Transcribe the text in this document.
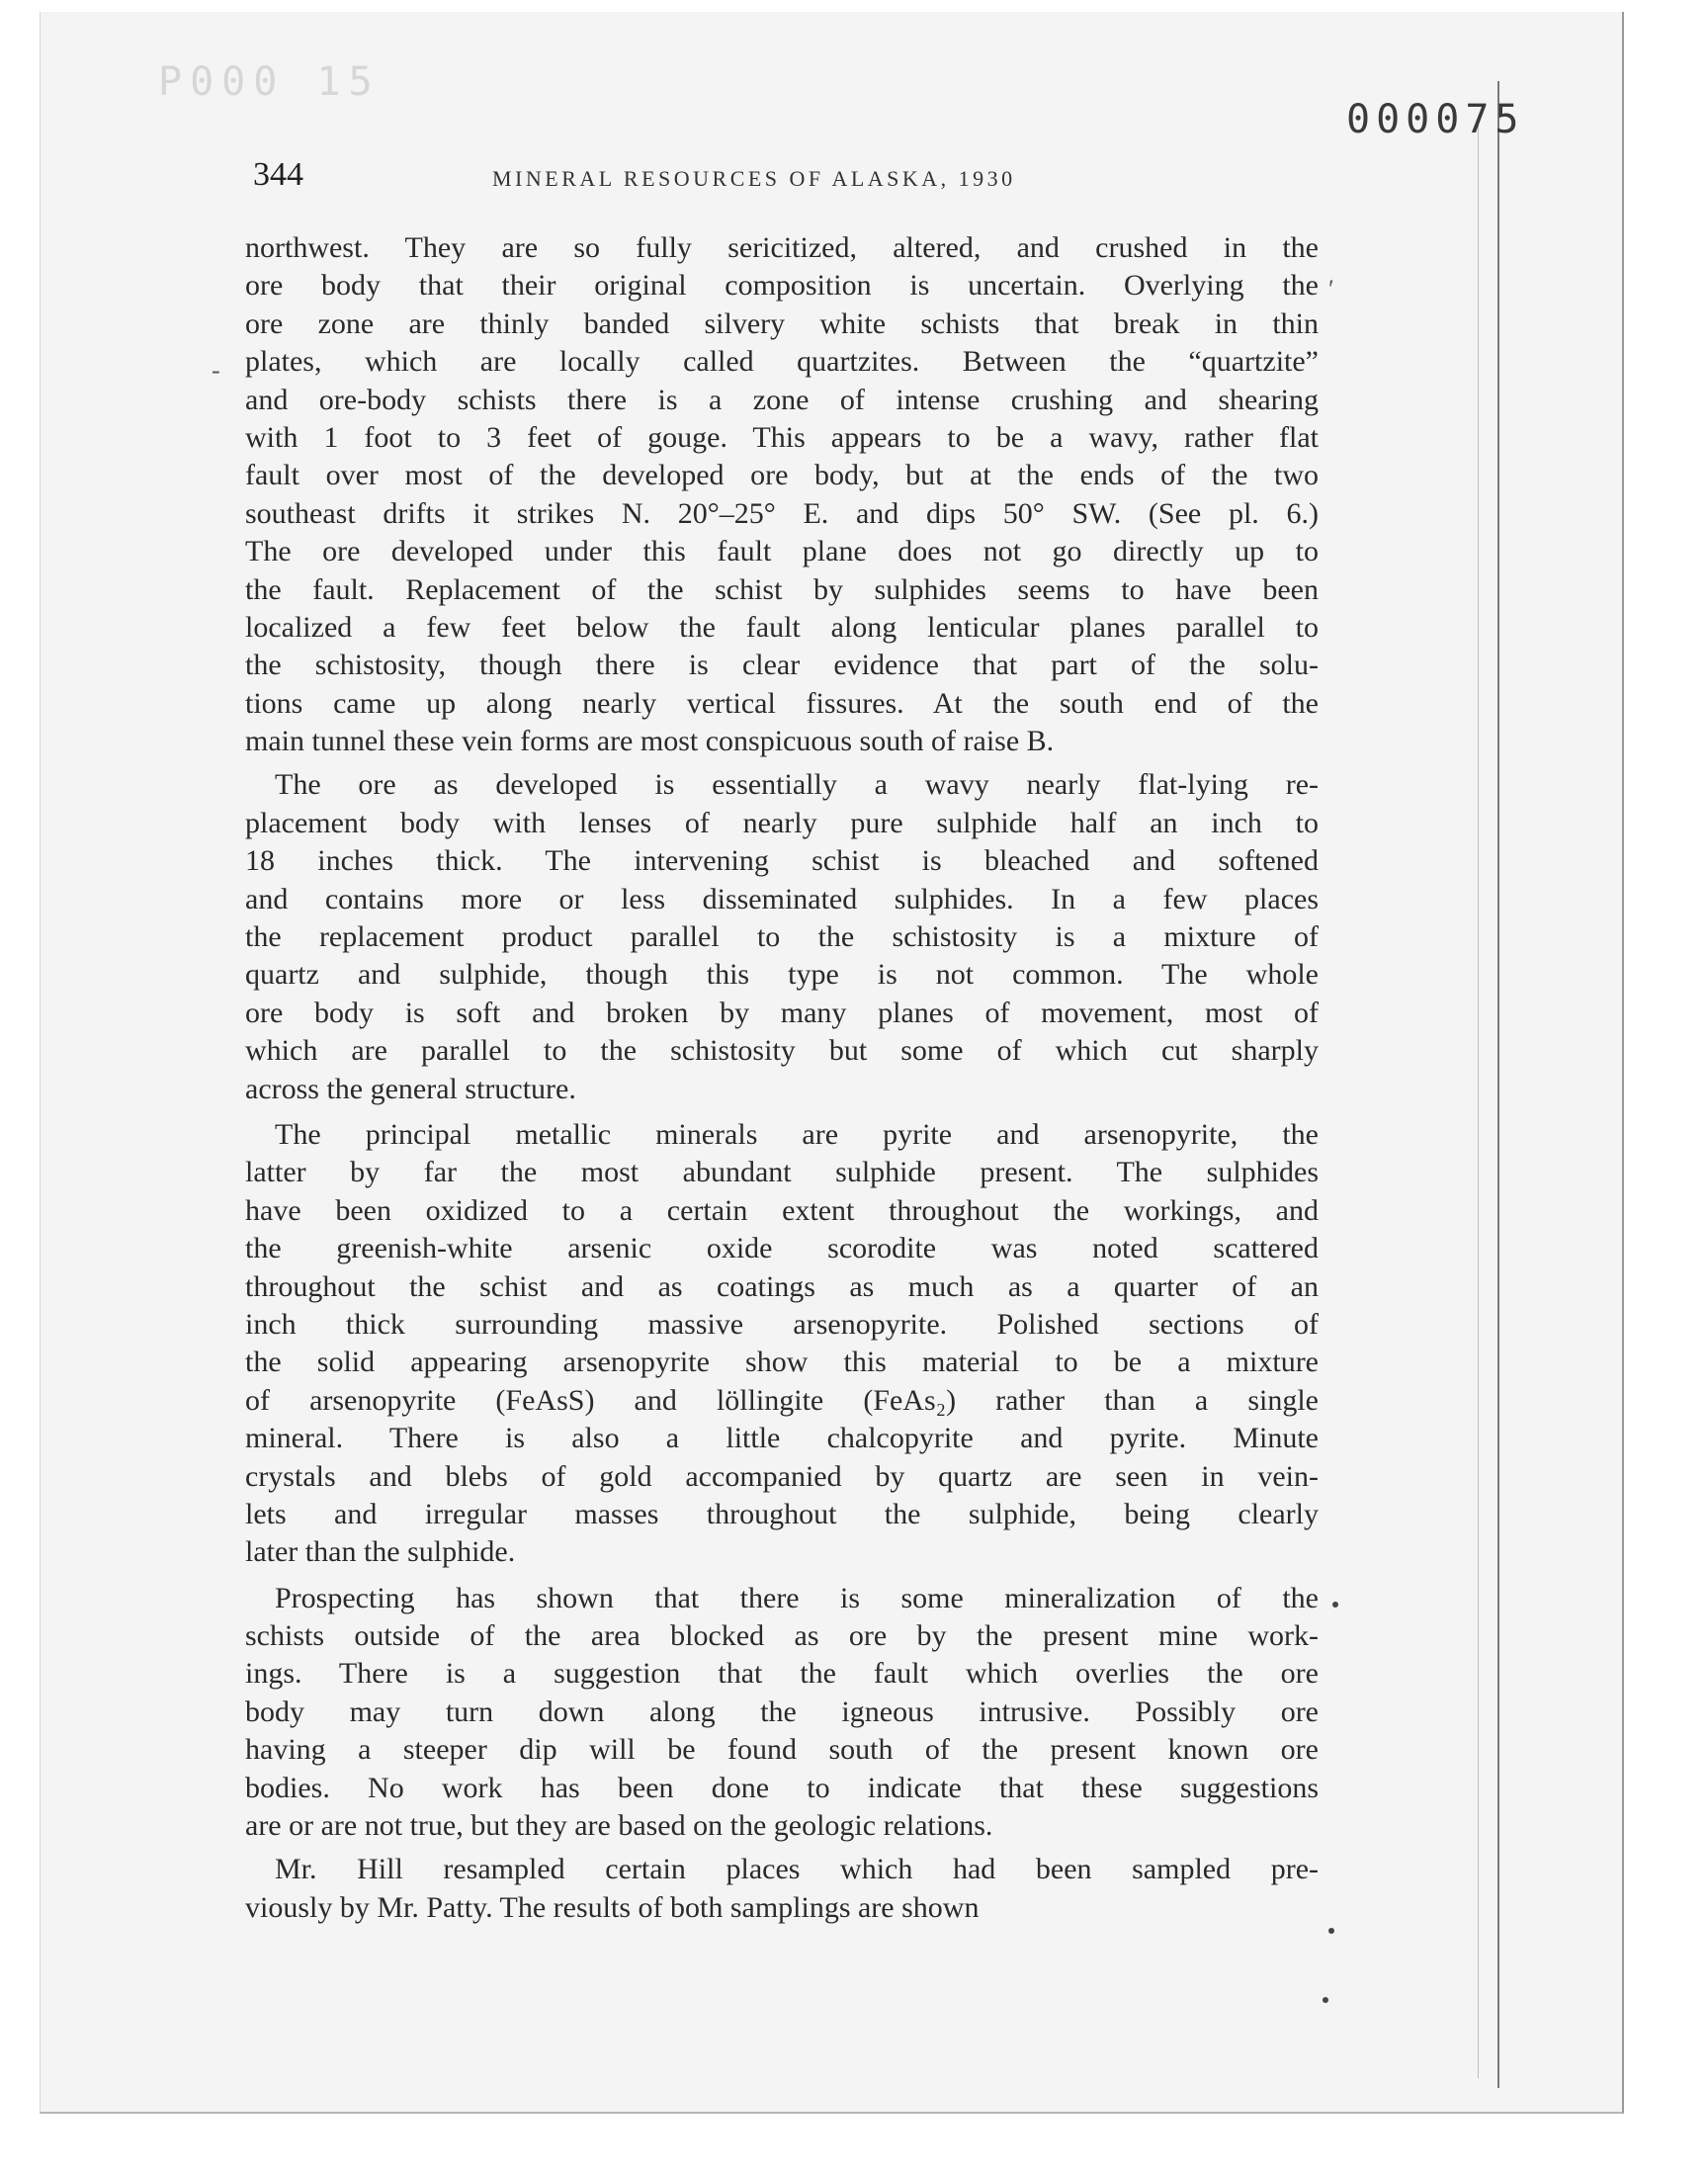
P000 15
000075
344	MINERAL RESOURCES OF ALASKA, 1930
′
-
northwest. They are so fully sericitized, altered, and crushed in the
ore body that their original composition is uncertain. Overlying the
ore zone are thinly banded silvery white schists that break in thin
plates, which are locally called quartzites. Between the “quartzite”
and ore-body schists there is a zone of intense crushing and shearing
with 1 foot to 3 feet of gouge. This appears to be a wavy, rather flat
fault over most of the developed ore body, but at the ends of the two
southeast drifts it strikes N. 20°–25° E. and dips 50° SW. (See pl. 6.)
The ore developed under this fault plane does not go directly up to
the fault. Replacement of the schist by sulphides seems to have been
localized a few feet below the fault along lenticular planes parallel to
the schistosity, though there is clear evidence that part of the solu-
tions came up along nearly vertical fissures. At the south end of the
main tunnel these vein forms are most conspicuous south of raise B.
The ore as developed is essentially a wavy nearly flat-lying re-
placement body with lenses of nearly pure sulphide half an inch to
18 inches thick. The intervening schist is bleached and softened
and contains more or less disseminated sulphides. In a few places
the replacement product parallel to the schistosity is a mixture of
quartz and sulphide, though this type is not common. The whole
ore body is soft and broken by many planes of movement, most of
which are parallel to the schistosity but some of which cut sharply
across the general structure.
The principal metallic minerals are pyrite and arsenopyrite, the
latter by far the most abundant sulphide present. The sulphides
have been oxidized to a certain extent throughout the workings, and
the greenish-white arsenic oxide scorodite was noted scattered
throughout the schist and as coatings as much as a quarter of an
inch thick surrounding massive arsenopyrite. Polished sections of
the solid appearing arsenopyrite show this material to be a mixture
of arsenopyrite (FeAsS) and löllingite (FeAs₂) rather than a single
mineral. There is also a little chalcopyrite and pyrite. Minute
crystals and blebs of gold accompanied by quartz are seen in vein-
lets and irregular masses throughout the sulphide, being clearly
later than the sulphide.
Prospecting has shown that there is some mineralization of the
schists outside of the area blocked as ore by the present mine work-
ings. There is a suggestion that the fault which overlies the ore
body may turn down along the igneous intrusive. Possibly ore
having a steeper dip will be found south of the present known ore
bodies. No work has been done to indicate that these suggestions
are or are not true, but they are based on the geologic relations.
Mr. Hill resampled certain places which had been sampled pre-
viously by Mr. Patty. The results of both samplings are shown
